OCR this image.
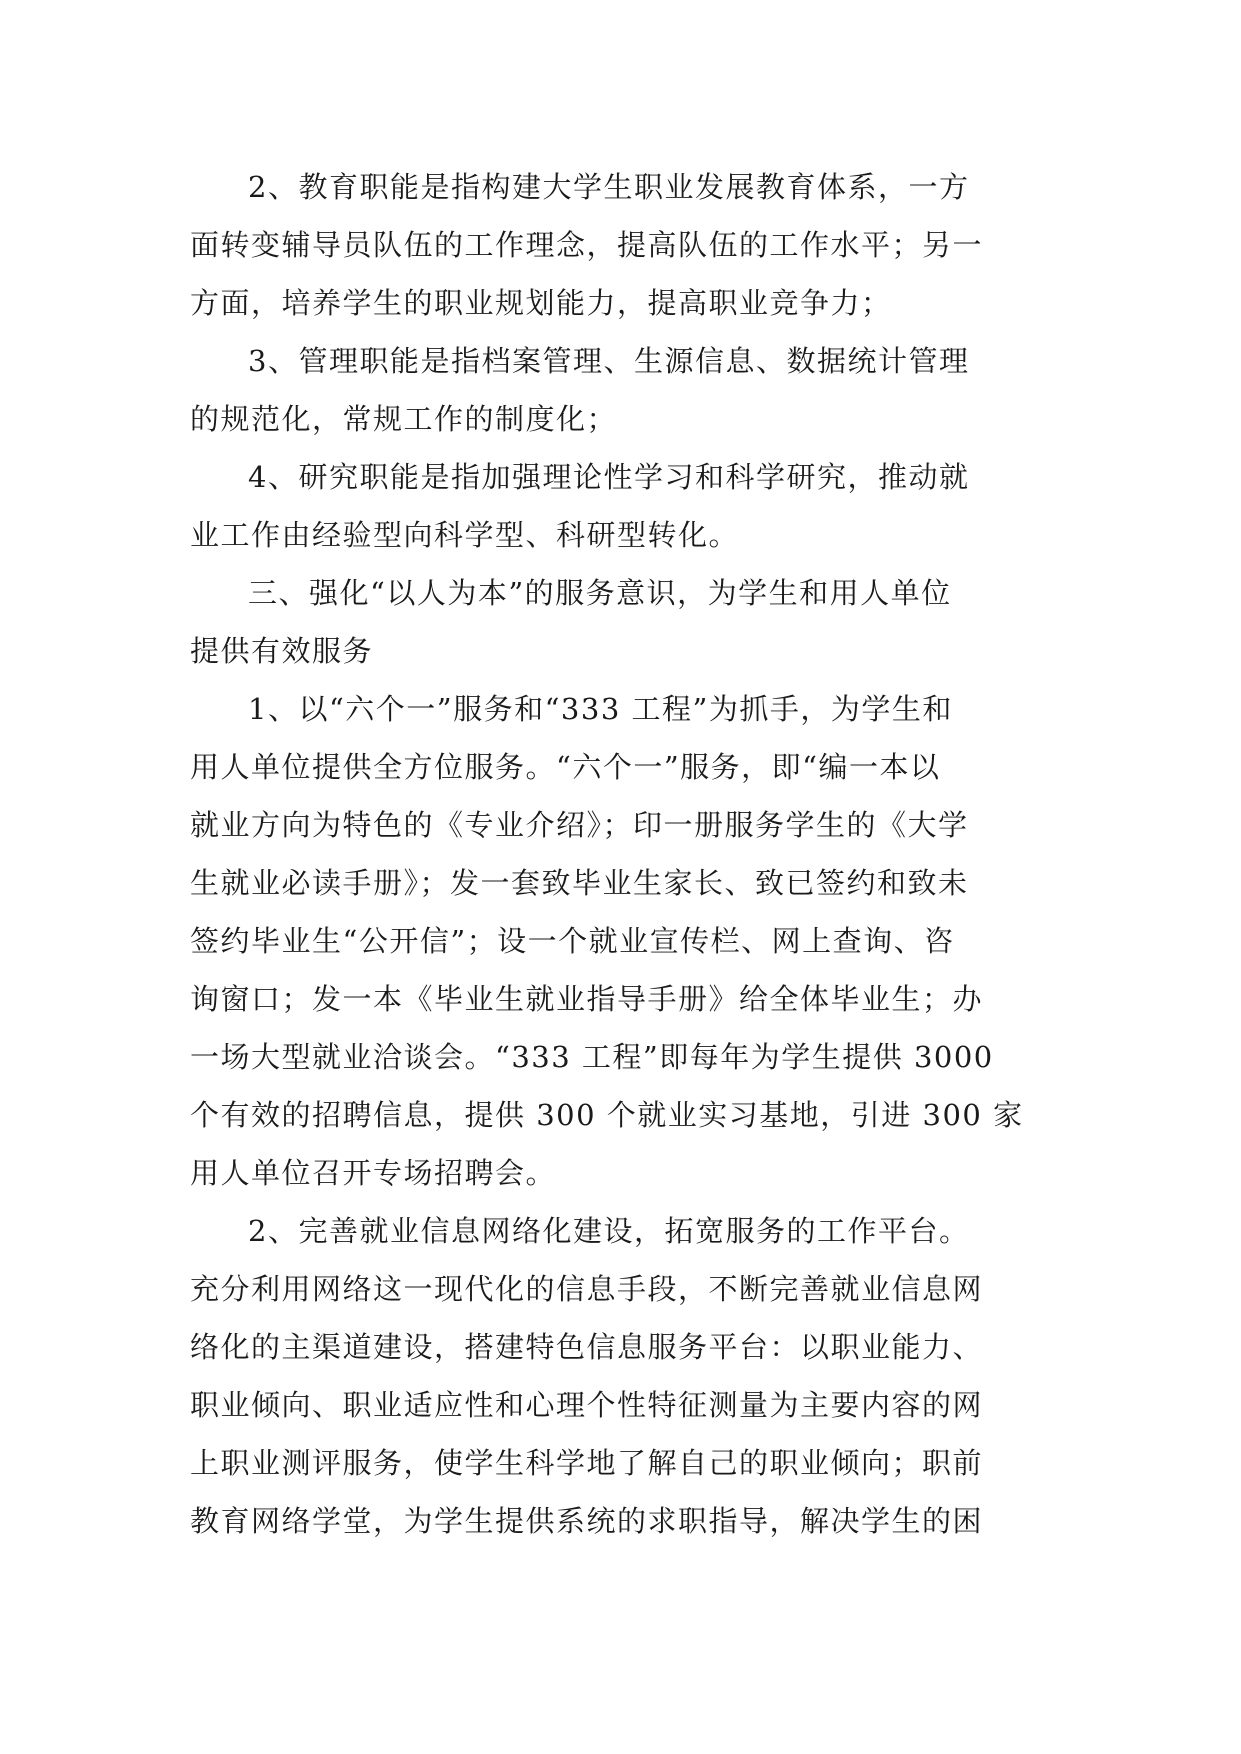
2、教育职能是指构建大学生职业发展教育体系，一方
面转变辅导员队伍的工作理念，提高队伍的工作水平；另一
方面，培养学生的职业规划能力，提高职业竞争力；
3、管理职能是指档案管理、生源信息、数据统计管理
的规范化，常规工作的制度化；
4、研究职能是指加强理论性学习和科学研究，推动就
业工作由经验型向科学型、科研型转化。
三、强化“以人为本”的服务意识，为学生和用人单位
提供有效服务
1、以“六个一”服务和“333 工程”为抓手，为学生和
用人单位提供全方位服务。“六个一”服务，即“编一本以
就业方向为特色的《专业介绍》；印一册服务学生的《大学
生就业必读手册》；发一套致毕业生家长、致已签约和致未
签约毕业生“公开信”；设一个就业宣传栏、网上查询、咨
询窗口；发一本《毕业生就业指导手册》给全体毕业生；办
一场大型就业洽谈会。“333 工程”即每年为学生提供 3000
个有效的招聘信息，提供 300 个就业实习基地，引进 300 家
用人单位召开专场招聘会。
2、完善就业信息网络化建设，拓宽服务的工作平台。
充分利用网络这一现代化的信息手段，不断完善就业信息网
络化的主渠道建设，搭建特色信息服务平台：以职业能力、
职业倾向、职业适应性和心理个性特征测量为主要内容的网
上职业测评服务，使学生科学地了解自己的职业倾向；职前
教育网络学堂，为学生提供系统的求职指导，解决学生的困
